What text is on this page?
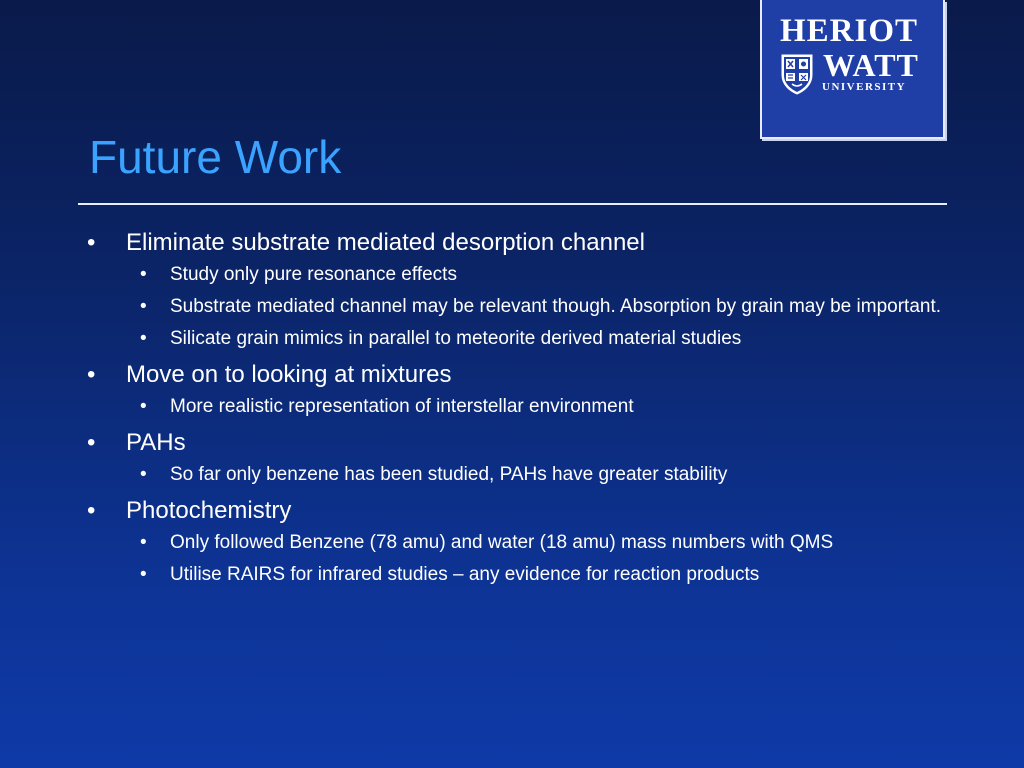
HERIOT
WATT
UNIVERSITY
Future Work
• Eliminate substrate mediated desorption channel
• Study only pure resonance effects
• Substrate mediated channel may be relevant though. Absorption by grain may be important.
• Silicate grain mimics in parallel to meteorite derived material studies
• Move on to looking at mixtures
• More realistic representation of interstellar environment
• PAHs
• So far only benzene has been studied, PAHs have greater stability
• Photochemistry
• Only followed Benzene (78 amu) and water (18 amu) mass numbers with QMS
• Utilise RAIRS for infrared studies – any evidence for reaction products
